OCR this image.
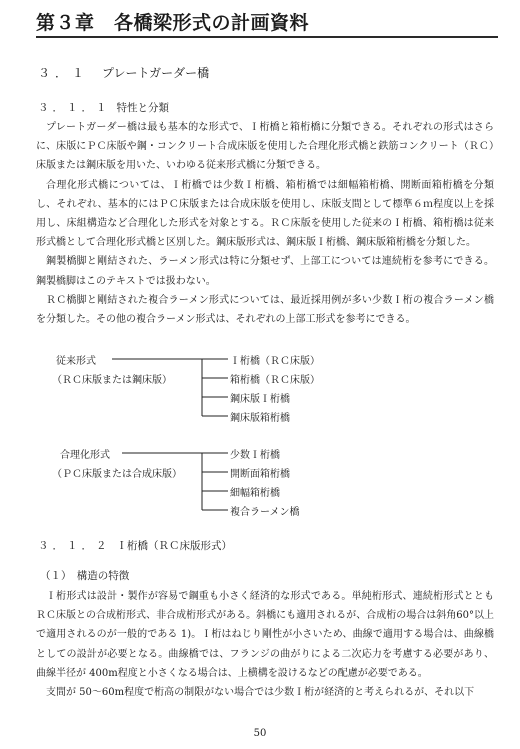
第３章　各橋梁形式の計画資料
３．１ プレートガーダー橋
３．１．１ 特性と分類

プレートガーダー橋は最も基本的な形式で、Ｉ桁橋と箱桁橋に分類できる。それぞれの形式はさらに、床版にＰＣ床版や鋼・コンクリート合成床版を使用した合理化形式橋と鉄筋コンクリート（ＲＣ）床版または鋼床版を用いた、いわゆる従来形式橋に分類できる。

合理化形式橋については、Ｉ桁橋では少数Ｉ桁橋、箱桁橋では細幅箱桁橋、開断面箱桁橋を分類し、それぞれ、基本的にはＰＣ床版または合成床版を使用し、床版支間として標準６ｍ程度以上を採用し、床組構造など合理化した形式を対象とする。ＲＣ床版を使用した従来のＩ桁橋、箱桁橋は従来形式橋として合理化形式橋と区別した。鋼床版形式は、鋼床版Ｉ桁橋、鋼床版箱桁橋を分類した。

鋼製橋脚と剛結された、ラーメン形式は特に分類せず、上部工については連続桁を参考にできる。鋼製橋脚はこのテキストでは扱わない。

ＲＣ橋脚と剛結された複合ラーメン形式については、最近採用例が多い少数Ｉ桁の複合ラーメン橋を分類した。その他の複合ラーメン形式は、それぞれの上部工形式を参考にできる。

従来形式
（ＲＣ床版または鋼床版）
Ｉ桁橋（ＲＣ床版）
箱桁橋（ＲＣ床版）
鋼床版Ｉ桁橋
鋼床版箱桁橋
合理化形式
（ＰＣ床版または合成床版）
少数Ｉ桁橋
開断面箱桁橋
細幅箱桁橋
複合ラーメン橋
３．１．２ Ｉ桁橋（ＲＣ床版形式）
（１）　構造の特徴

Ｉ桁形式は設計・製作が容易で鋼重も小さく経済的な形式である。単純桁形式、連続桁形式とともＲＣ床版との合成桁形式、非合成桁形式がある。斜橋にも適用されるが、合成桁の場合は斜角60°以上で適用されるのが一般的である 1)。Ｉ桁はねじり剛性が小さいため、曲線で適用する場合は、曲線橋としての設計が必要となる。曲線橋では、フランジの曲がりによる二次応力を考慮する必要があり、曲線半径が 400m程度と小さくなる場合は、上横構を設けるなどの配慮が必要である。

支間が 50～60m程度で桁高の制限がない場合では少数Ｉ桁が経済的と考えられるが、それ以下

50
